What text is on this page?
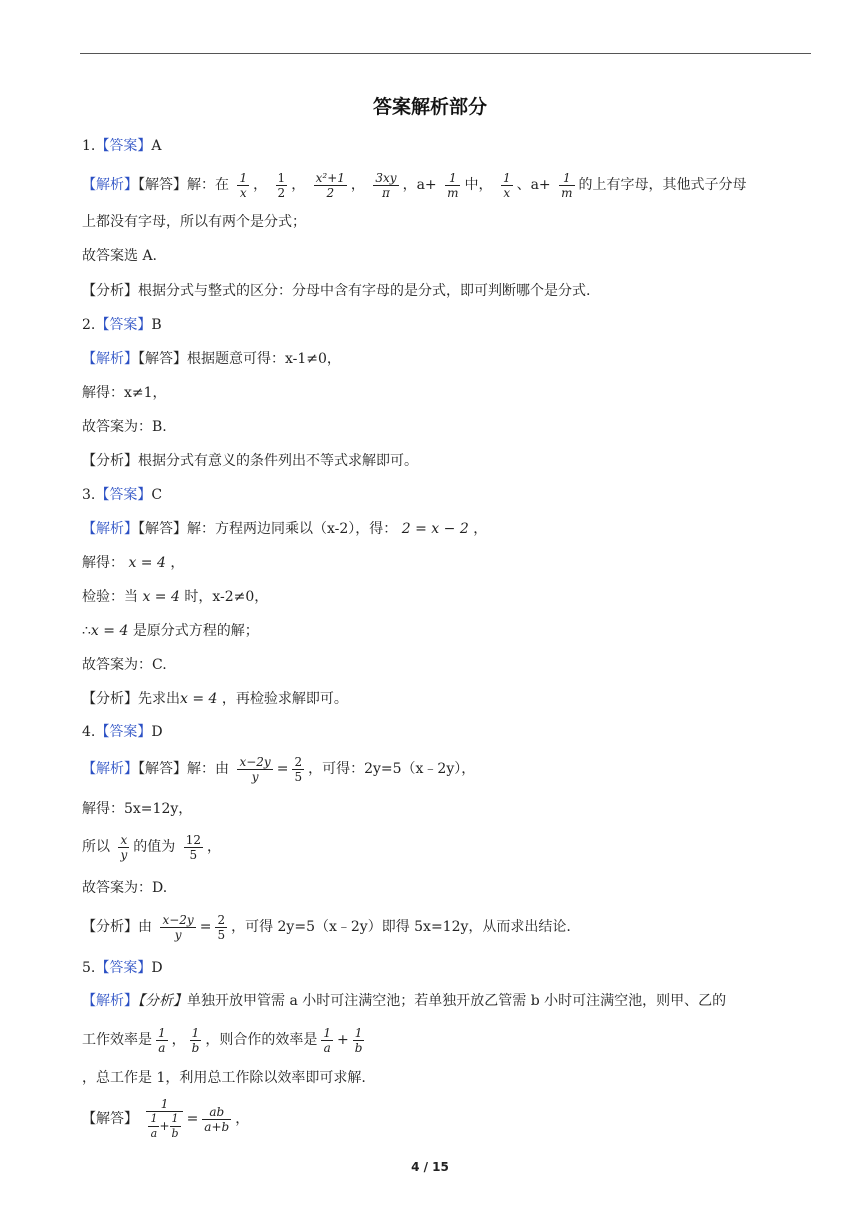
答案解析部分
1.【答案】A
【解析】【解答】解：在 $\frac{1}{x}$ ， $\frac{1}{2}$ ， $\frac{\text{x²+1}}{2}$ ， $\frac{3xy}{\pi}$ ，$a+ \frac{1}{m}$ 中， $\frac{1}{x}$ 、$a+ \frac{1}{m}$ 的上有字母，其他式子分母
上都没有字母，所以有两个是分式；
故答案选 A.
【分析】根据分式与整式的区分：分母中含有字母的是分式，即可判断哪个是分式.
2.【答案】B
【解析】【解答】根据题意可得：x-1≠0，
解得：x≠1，
故答案为：B.
【分析】根据分式有意义的条件列出不等式求解即可。
3.【答案】C
【解析】【解答】解：方程两边同乘以（x-2），得： 2 = x − 2 ，
解得： x = 4 ，
检验：当 x = 4 时，x-2≠0，
∴x = 4 是原分式方程的解；
故答案为：C.
【分析】先求出x = 4 ，再检验求解即可。
4.【答案】D
【解析】【解答】解：由 $\frac{x-2y}{y} = \frac{2}{5}$ ，可得：2y=5（x﹣2y），
解得：5x=12y，
所以 $\frac{x}{y}$ 的值为 $\frac{12}{5}$ ，
故答案为：D.
【分析】由 $\frac{x-2y}{y} = \frac{2}{5}$ ，可得 2y=5（x﹣2y）即得 5x=12y，从而求出结论.
5.【答案】D
【解析】【分析】单独开放甲管需 a 小时可注满空池；若单独开放乙管需 b 小时可注满空池，则甲、乙的
工作效率是 $\frac{1}{a}$ ， $\frac{1}{b}$ ，则合作的效率是 $\frac{1}{a} + \frac{1}{b}$
，总工作是 1，利用总工作除以效率即可求解.
【解答】 $\frac{1}{\frac{1}{a} + \frac{1}{b}} = \frac{ab}{a+b}$ ，
4 / 15
